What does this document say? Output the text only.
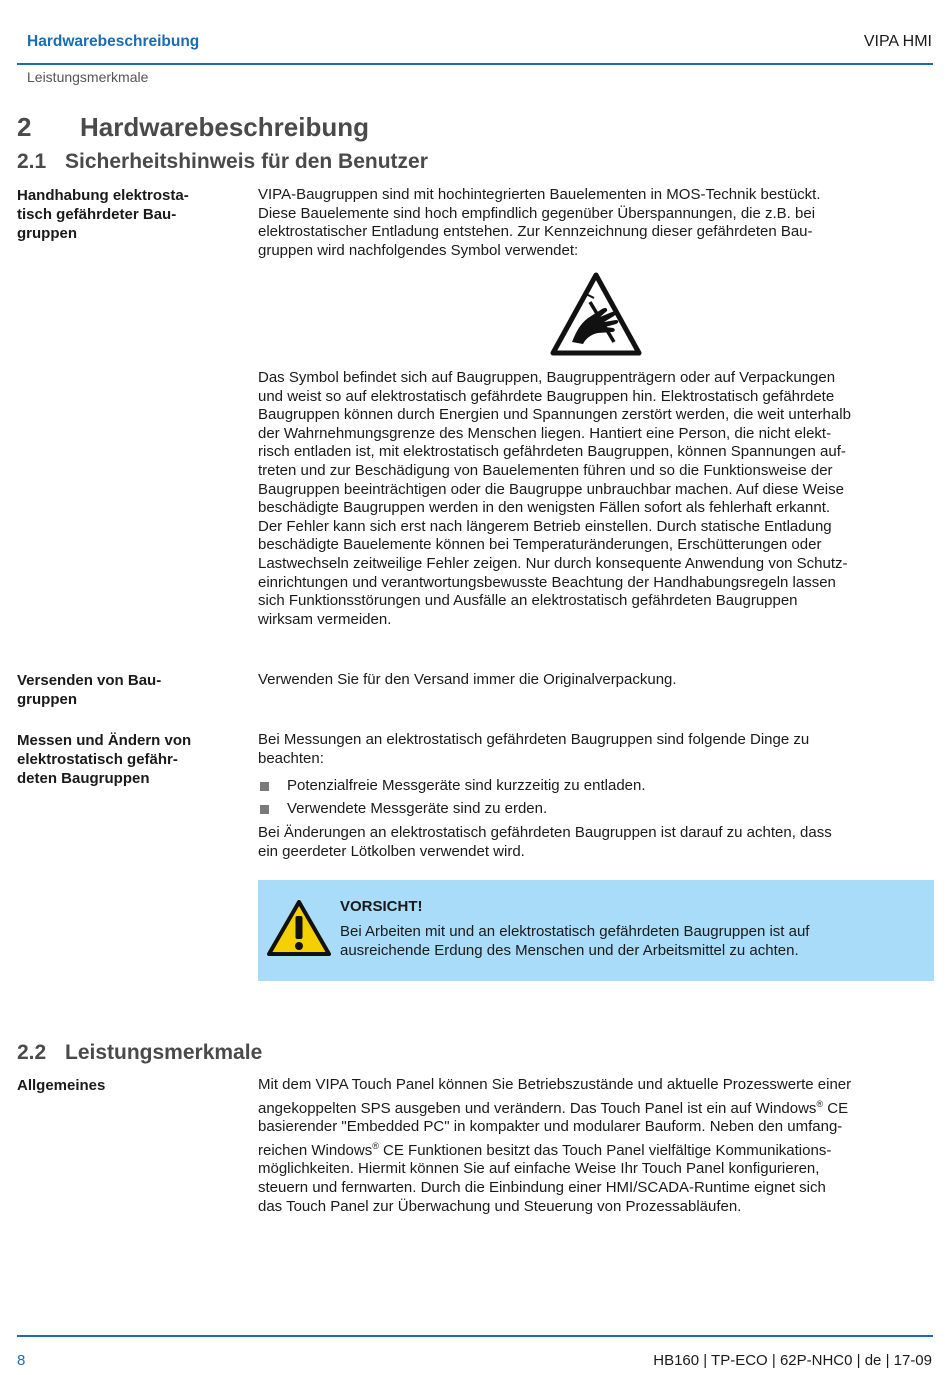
Hardwarebeschreibung	VIPA HMI
Leistungsmerkmale
2 Hardwarebeschreibung
2.1 Sicherheitshinweis für den Benutzer
Handhabung elektrosta-
tisch gefährdeter Bau-
gruppen
VIPA-Baugruppen sind mit hochintegrierten Bauelementen in MOS-Technik bestückt.
Diese Bauelemente sind hoch empfindlich gegenüber Überspannungen, die z.B. bei
elektrostatischer Entladung entstehen. Zur Kennzeichnung dieser gefährdeten Bau-
gruppen wird nachfolgendes Symbol verwendet:
Das Symbol befindet sich auf Baugruppen, Baugruppenträgern oder auf Verpackungen
und weist so auf elektrostatisch gefährdete Baugruppen hin. Elektrostatisch gefährdete
Baugruppen können durch Energien und Spannungen zerstört werden, die weit unterhalb
der Wahrnehmungsgrenze des Menschen liegen. Hantiert eine Person, die nicht elekt-
risch entladen ist, mit elektrostatisch gefährdeten Baugruppen, können Spannungen auf-
treten und zur Beschädigung von Bauelementen führen und so die Funktionsweise der
Baugruppen beeinträchtigen oder die Baugruppe unbrauchbar machen. Auf diese Weise
beschädigte Baugruppen werden in den wenigsten Fällen sofort als fehlerhaft erkannt.
Der Fehler kann sich erst nach längerem Betrieb einstellen. Durch statische Entladung
beschädigte Bauelemente können bei Temperaturänderungen, Erschütterungen oder
Lastwechseln zeitweilige Fehler zeigen. Nur durch konsequente Anwendung von Schutz-
einrichtungen und verantwortungsbewusste Beachtung der Handhabungsregeln lassen
sich Funktionsstörungen und Ausfälle an elektrostatisch gefährdeten Baugruppen
wirksam vermeiden.
Versenden von Bau-
gruppen
Verwenden Sie für den Versand immer die Originalverpackung.
Messen und Ändern von
elektrostatisch gefähr-
deten Baugruppen
Bei Messungen an elektrostatisch gefährdeten Baugruppen sind folgende Dinge zu
beachten:
Potenzialfreie Messgeräte sind kurzzeitig zu entladen.
Verwendete Messgeräte sind zu erden.
Bei Änderungen an elektrostatisch gefährdeten Baugruppen ist darauf zu achten, dass
ein geerdeter Lötkolben verwendet wird.
VORSICHT!
Bei Arbeiten mit und an elektrostatisch gefährdeten Baugruppen ist auf
ausreichende Erdung des Menschen und der Arbeitsmittel zu achten.
2.2 Leistungsmerkmale
Allgemeines	Mit dem VIPA Touch Panel können Sie Betriebszustände und aktuelle Prozesswerte einer
angekoppelten SPS ausgeben und verändern. Das Touch Panel ist ein auf Windows® CE
basierender "Embedded PC" in kompakter und modularer Bauform. Neben den umfang-
reichen Windows® CE Funktionen besitzt das Touch Panel vielfältige Kommunikations-
möglichkeiten. Hiermit können Sie auf einfache Weise Ihr Touch Panel konfigurieren,
steuern und fernwarten. Durch die Einbindung einer HMI/SCADA-Runtime eignet sich
das Touch Panel zur Überwachung und Steuerung von Prozessabläufen.
8	HB160 | TP-ECO | 62P-NHC0 | de | 17-09
